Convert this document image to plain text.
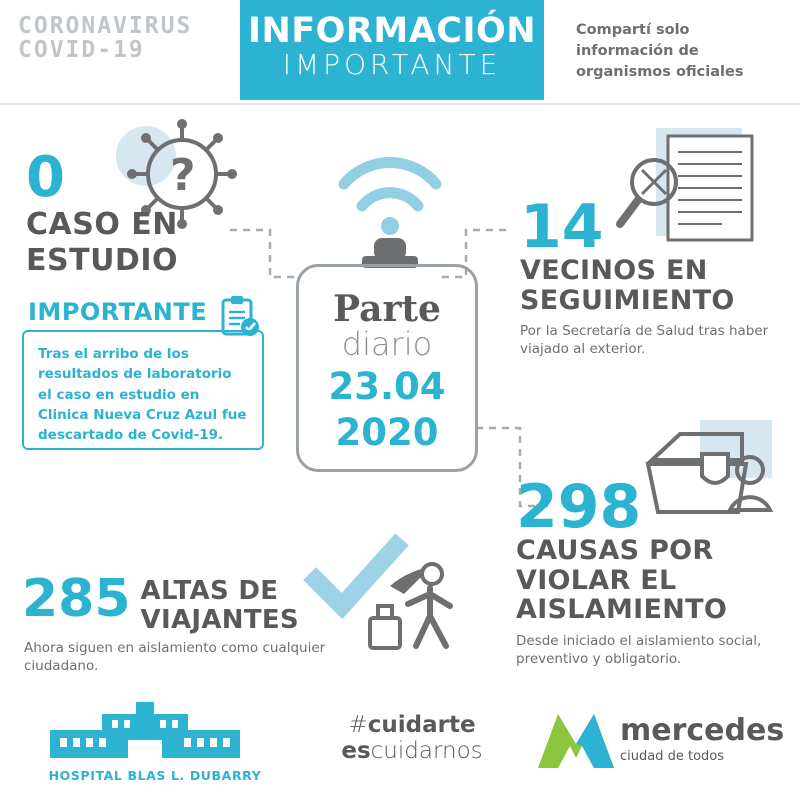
CORONAVIRUS
COVID-19	INFORMACIÓN
IMPORTANTE
Compartí solo información de organismos oficiales
?
0
CASO EN
ESTUDIO
IMPORTANTE

Tras el arribo de los resultados de laboratorio el caso en estudio en Clinica Nueva Cruz Azul fue descartado de Covid-19.

Parte
diario
23.04
2020
14
VECINOS EN
SEGUIMIENTO
Por la Secretaría de Salud tras haber viajado al exterior.
298
CAUSAS POR
VIOLAR EL
AISLAMIENTO
Desde iniciado el aislamiento social, preventivo y obligatorio.
285 ALTAS DE
VIAJANTES
Ahora siguen en aislamiento como cualquier ciudadano.
HOSPITAL BLAS L. DUBARRY
#cuidarte
escuidarnos
mercedes
ciudad de todos
